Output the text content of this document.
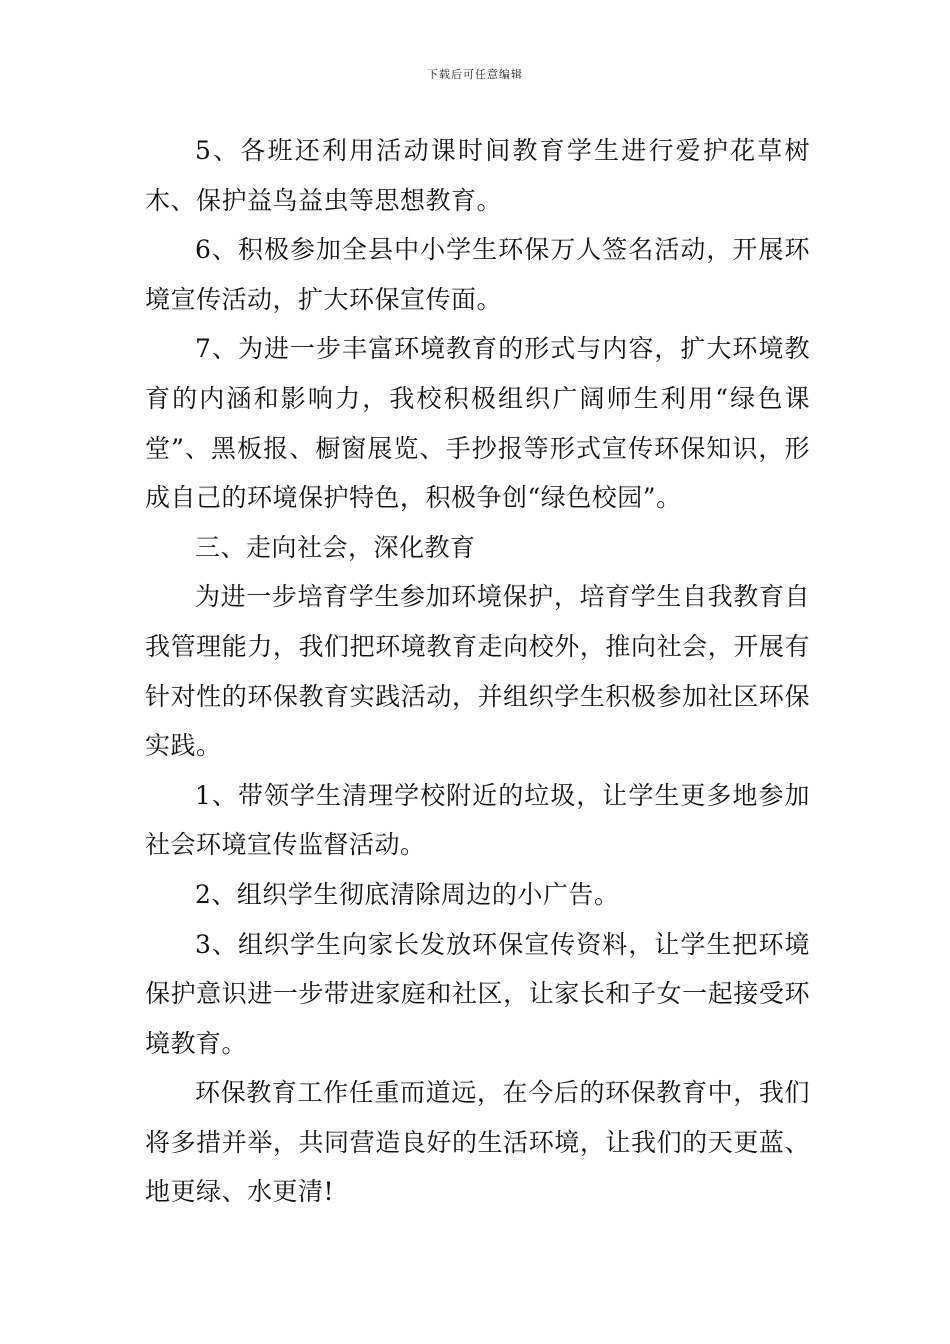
下载后可任意编辑

5、各班还利用活动课时间教育学生进行爱护花草树木、保护益鸟益虫等思想教育。

6、积极参加全县中小学生环保万人签名活动，开展环境宣传活动，扩大环保宣传面。

7、为进一步丰富环境教育的形式与内容，扩大环境教育的内涵和影响力，我校积极组织广阔师生利用“绿色课堂”、黑板报、橱窗展览、手抄报等形式宣传环保知识，形成自己的环境保护特色，积极争创“绿色校园”。

三、走向社会，深化教育

为进一步培育学生参加环境保护，培育学生自我教育自我管理能力，我们把环境教育走向校外，推向社会，开展有针对性的环保教育实践活动，并组织学生积极参加社区环保实践。

1、带领学生清理学校附近的垃圾，让学生更多地参加社会环境宣传监督活动。

2、组织学生彻底清除周边的小广告。

3、组织学生向家长发放环保宣传资料，让学生把环境保护意识进一步带进家庭和社区，让家长和子女一起接受环境教育。

环保教育工作任重而道远，在今后的环保教育中，我们将多措并举，共同营造良好的生活环境，让我们的天更蓝、地更绿、水更清!
